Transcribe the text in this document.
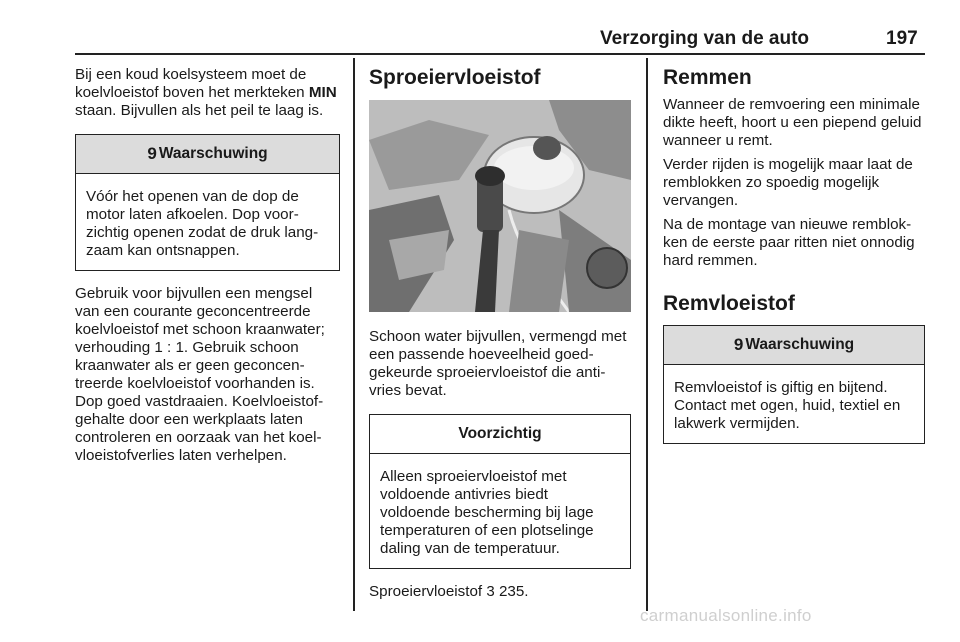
Verzorging van de auto	197

Bij een koud koelsysteem moet de koelvloeistof boven het merkteken MIN staan. Bijvullen als het peil te laag is.

9 Waarschuwing
Vóór het openen van de dop de motor laten afkoelen. Dop voorzichtig openen zodat de druk langzaam kan ontsnappen.

Gebruik voor bijvullen een mengsel van een courante geconcentreerde koelvloeistof met schoon kraanwater; verhouding 1 : 1. Gebruik schoon kraanwater als er geen geconcentreerde koelvloeistof voorhanden is. Dop goed vastdraaien. Koelvloeistofgehalte door een werkplaats laten controleren en oorzaak van het koelvloeistofverlies laten verhelpen.

Sproeiervloeistof

Schoon water bijvullen, vermengd met een passende hoeveelheid goedgekeurde sproeiervloeistof die antivries bevat.

Voorzichtig
Alleen sproeiervloeistof met voldoende antivries biedt voldoende bescherming bij lage temperaturen of een plotselinge daling van de temperatuur.

Sproeiervloeistof 3 235.

Remmen

Wanneer de remvoering een minimale dikte heeft, hoort u een piepend geluid wanneer u remt.

Verder rijden is mogelijk maar laat de remblokken zo spoedig mogelijk vervangen.

Na de montage van nieuwe remblokken de eerste paar ritten niet onnodig hard remmen.

Remvloeistof
9 Waarschuwing
Remvloeistof is giftig en bijtend. Contact met ogen, huid, textiel en lakwerk vermijden.
carmanualsonline.info
